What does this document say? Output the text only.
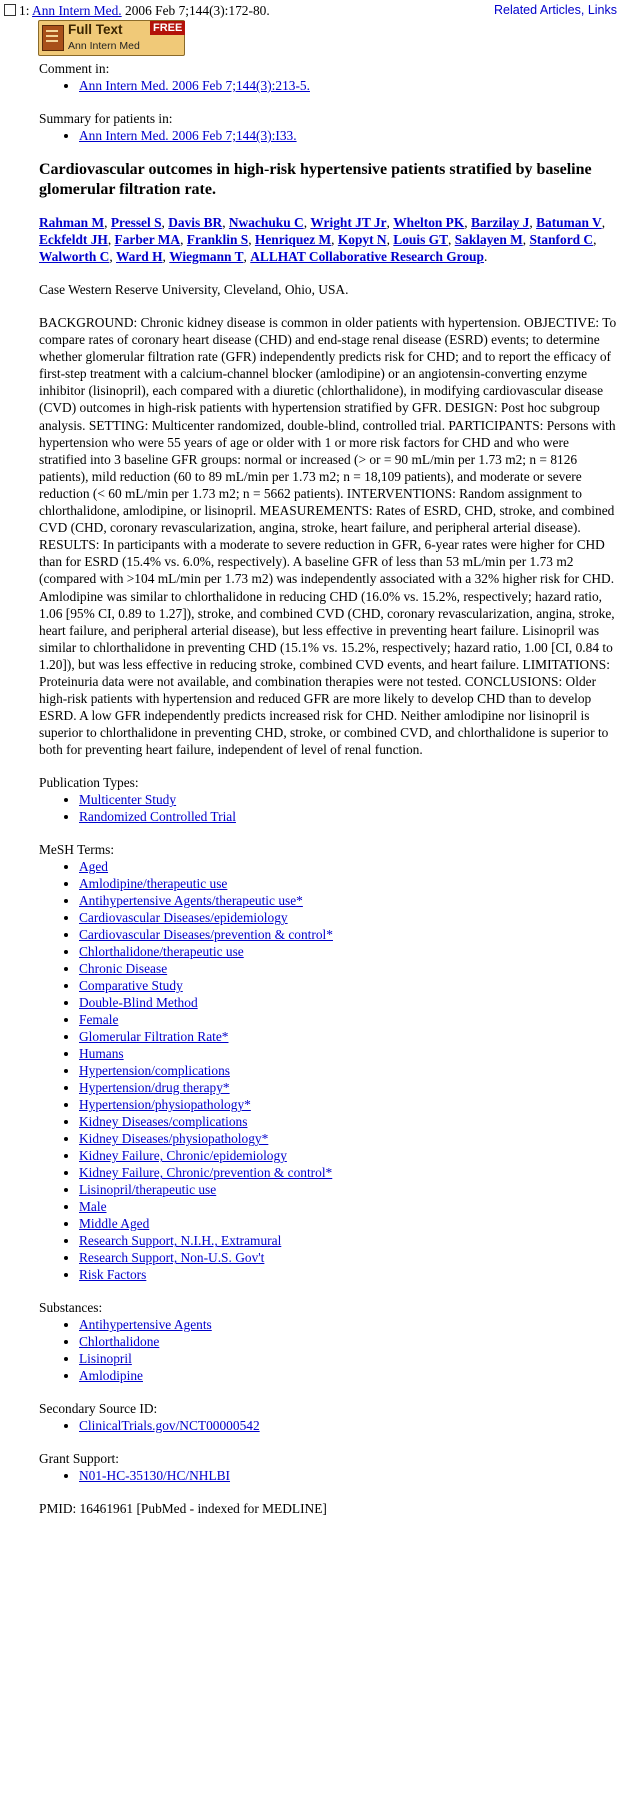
1: Ann Intern Med. 2006 Feb 7;144(3):172-80.	Related Articles, Links
Full Text	FREE
Ann Intern Med

Comment in:

• Ann Intern Med. 2006 Feb 7;144(3):213-5.

Summary for patients in:

• Ann Intern Med. 2006 Feb 7;144(3):I33.
Cardiovascular outcomes in high-risk hypertensive patients stratified by baseline glomerular filtration rate.

Rahman M, Pressel S, Davis BR, Nwachuku C, Wright JT Jr, Whelton PK, Barzilay J, Batuman V, Eckfeldt JH, Farber MA, Franklin S, Henriquez M, Kopyt N, Louis GT, Saklayen M, Stanford C, Walworth C, Ward H, Wiegmann T, ALLHAT Collaborative Research Group.

Case Western Reserve University, Cleveland, Ohio, USA.

BACKGROUND: Chronic kidney disease is common in older patients with hypertension. OBJECTIVE: To compare rates of coronary heart disease (CHD) and end-stage renal disease (ESRD) events; to determine whether glomerular filtration rate (GFR) independently predicts risk for CHD; and to report the efficacy of first-step treatment with a calcium-channel blocker (amlodipine) or an angiotensin-converting enzyme inhibitor (lisinopril), each compared with a diuretic (chlorthalidone), in modifying cardiovascular disease (CVD) outcomes in high-risk patients with hypertension stratified by GFR. DESIGN: Post hoc subgroup analysis. SETTING: Multicenter randomized, double-blind, controlled trial. PARTICIPANTS: Persons with hypertension who were 55 years of age or older with 1 or more risk factors for CHD and who were stratified into 3 baseline GFR groups: normal or increased (> or = 90 mL/min per 1.73 m2; n = 8126 patients), mild reduction (60 to 89 mL/min per 1.73 m2; n = 18,109 patients), and moderate or severe reduction (< 60 mL/min per 1.73 m2; n = 5662 patients). INTERVENTIONS: Random assignment to chlorthalidone, amlodipine, or lisinopril. MEASUREMENTS: Rates of ESRD, CHD, stroke, and combined CVD (CHD, coronary revascularization, angina, stroke, heart failure, and peripheral arterial disease). RESULTS: In participants with a moderate to severe reduction in GFR, 6-year rates were higher for CHD than for ESRD (15.4% vs. 6.0%, respectively). A baseline GFR of less than 53 mL/min per 1.73 m2 (compared with >104 mL/min per 1.73 m2) was independently associated with a 32% higher risk for CHD. Amlodipine was similar to chlorthalidone in reducing CHD (16.0% vs. 15.2%, respectively; hazard ratio, 1.06 [95% CI, 0.89 to 1.27]), stroke, and combined CVD (CHD, coronary revascularization, angina, stroke, heart failure, and peripheral arterial disease), but less effective in preventing heart failure. Lisinopril was similar to chlorthalidone in preventing CHD (15.1% vs. 15.2%, respectively; hazard ratio, 1.00 [CI, 0.84 to 1.20]), but was less effective in reducing stroke, combined CVD events, and heart failure. LIMITATIONS: Proteinuria data were not available, and combination therapies were not tested. CONCLUSIONS: Older high-risk patients with hypertension and reduced GFR are more likely to develop CHD than to develop ESRD. A low GFR independently predicts increased risk for CHD. Neither amlodipine nor lisinopril is superior to chlorthalidone in preventing CHD, stroke, or combined CVD, and chlorthalidone is superior to both for preventing heart failure, independent of level of renal function.

Publication Types:

• Multicenter Study
• Randomized Controlled Trial

MeSH Terms:

• Aged
• Amlodipine/therapeutic use
• Antihypertensive Agents/therapeutic use*
• Cardiovascular Diseases/epidemiology
• Cardiovascular Diseases/prevention & control*
• Chlorthalidone/therapeutic use
• Chronic Disease
• Comparative Study
• Double-Blind Method
• Female
• Glomerular Filtration Rate*
• Humans
• Hypertension/complications
• Hypertension/drug therapy*
• Hypertension/physiopathology*
• Kidney Diseases/complications
• Kidney Diseases/physiopathology*
• Kidney Failure, Chronic/epidemiology
• Kidney Failure, Chronic/prevention & control*
• Lisinopril/therapeutic use
• Male
• Middle Aged
• Research Support, N.I.H., Extramural
• Research Support, Non-U.S. Gov't
• Risk Factors

Substances:

• Antihypertensive Agents
• Chlorthalidone
• Lisinopril
• Amlodipine

Secondary Source ID:

• ClinicalTrials.gov/NCT00000542

Grant Support:

• N01-HC-35130/HC/NHLBI

PMID: 16461961 [PubMed - indexed for MEDLINE]
